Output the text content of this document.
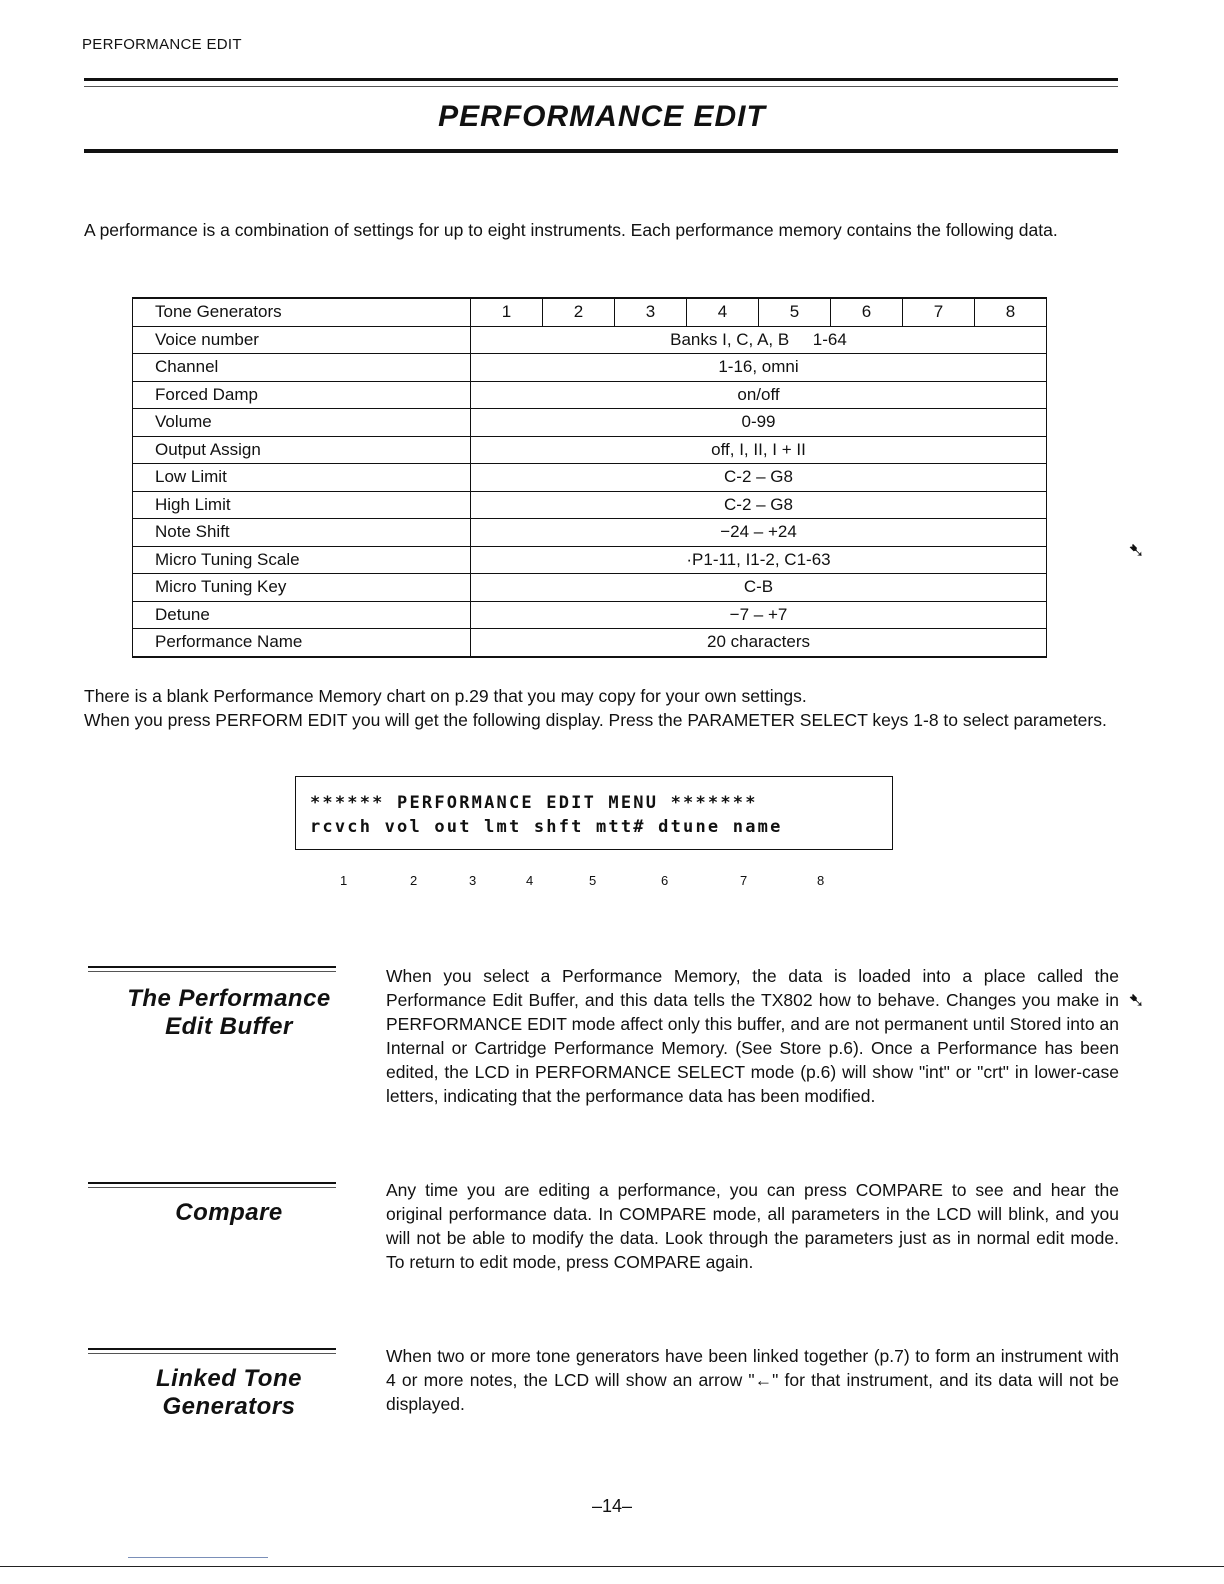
PERFORMANCE EDIT
PERFORMANCE EDIT

A performance is a combination of settings for up to eight instruments. Each performance memory contains the following data.

Tone Generators	1	2	3	4	5	6	7	8
Voice number	Banks I, C, A, B     1-64							
Channel	1-16, omni							
Forced Damp	on/off							
Volume	0-99							
Output Assign	off, I, II, I + II							
Low Limit	C-2 – G8							
High Limit	C-2 – G8							
Note Shift	−24 – +24							
Micro Tuning Scale	·P1-11, I1-2, C1-63							
Micro Tuning Key	C-B							
Detune	−7 – +7							
Performance Name	20 characters							
➷
There is a blank Performance Memory chart on p.29 that you may copy for your own settings.
When you press PERFORM EDIT you will get the following display. Press the PARAMETER SELECT keys 1-8 to select parameters.
****** PERFORMANCE EDIT MENU *******
rcvch vol out lmt shft mtt# dtune name
1	2	3	4	5	6	7	8
The Performance
Edit Buffer

When you select a Performance Memory, the data is loaded into a place called the Performance Edit Buffer, and this data tells the TX802 how to behave. Changes you make in PERFORMANCE EDIT mode affect only this buffer, and are not permanent until Stored into an Internal or Cartridge Performance Memory. (See Store p.6). Once a Performance has been edited, the LCD in PERFORMANCE SELECT mode (p.6) will show "int" or "crt" in lower-case letters, indicating that the performance data has been modified.

➷
Compare

Any time you are editing a performance, you can press COMPARE to see and hear the original performance data. In COMPARE mode, all parameters in the LCD will blink, and you will not be able to modify the data. Look through the parameters just as in normal edit mode. To return to edit mode, press COMPARE again.

Linked Tone
Generators

When two or more tone generators have been linked together (p.7) to form an instrument with 4 or more notes, the LCD will show an arrow "←" for that instrument, and its data will not be displayed.

–14–
